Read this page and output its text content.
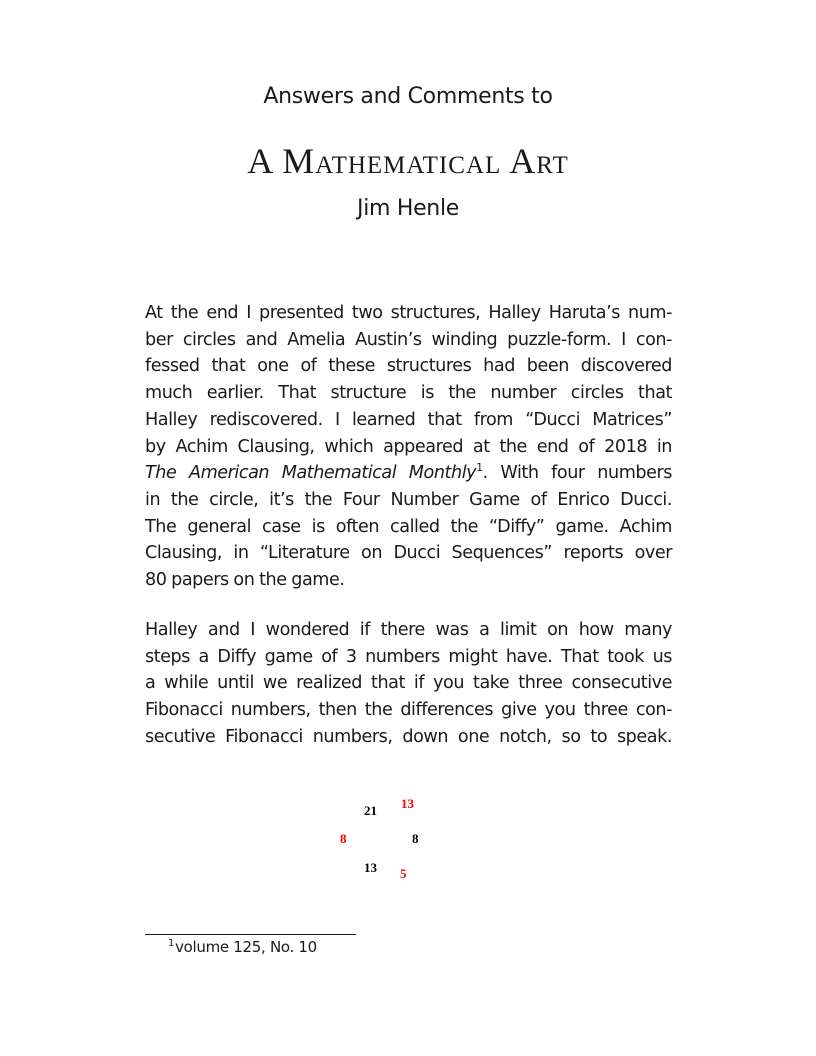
Answers and Comments to
A Mathematical Art
Jim Henle
At the end I presented two structures, Halley Haruta’s num-
ber circles and Amelia Austin’s winding puzzle-form. I con-
fessed that one of these structures had been discovered
much earlier. That structure is the number circles that
Halley rediscovered. I learned that from “Ducci Matrices”
by Achim Clausing, which appeared at the end of 2018 in
The American Mathematical Monthly$^1$. With four numbers
in the circle, it’s the Four Number Game of Enrico Ducci.
The general case is often called the “Diffy” game. Achim
Clausing, in “Literature on Ducci Sequences” reports over
80 papers on the game.
Halley and I wondered if there was a limit on how many
steps a Diffy game of 3 numbers might have. That took us
a while until we realized that if you take three consecutive
Fibonacci numbers, then the differences give you three con-
secutive Fibonacci numbers, down one notch, so to speak.
21
8
13
13
8
5
$^1$volume 125, No. 10
